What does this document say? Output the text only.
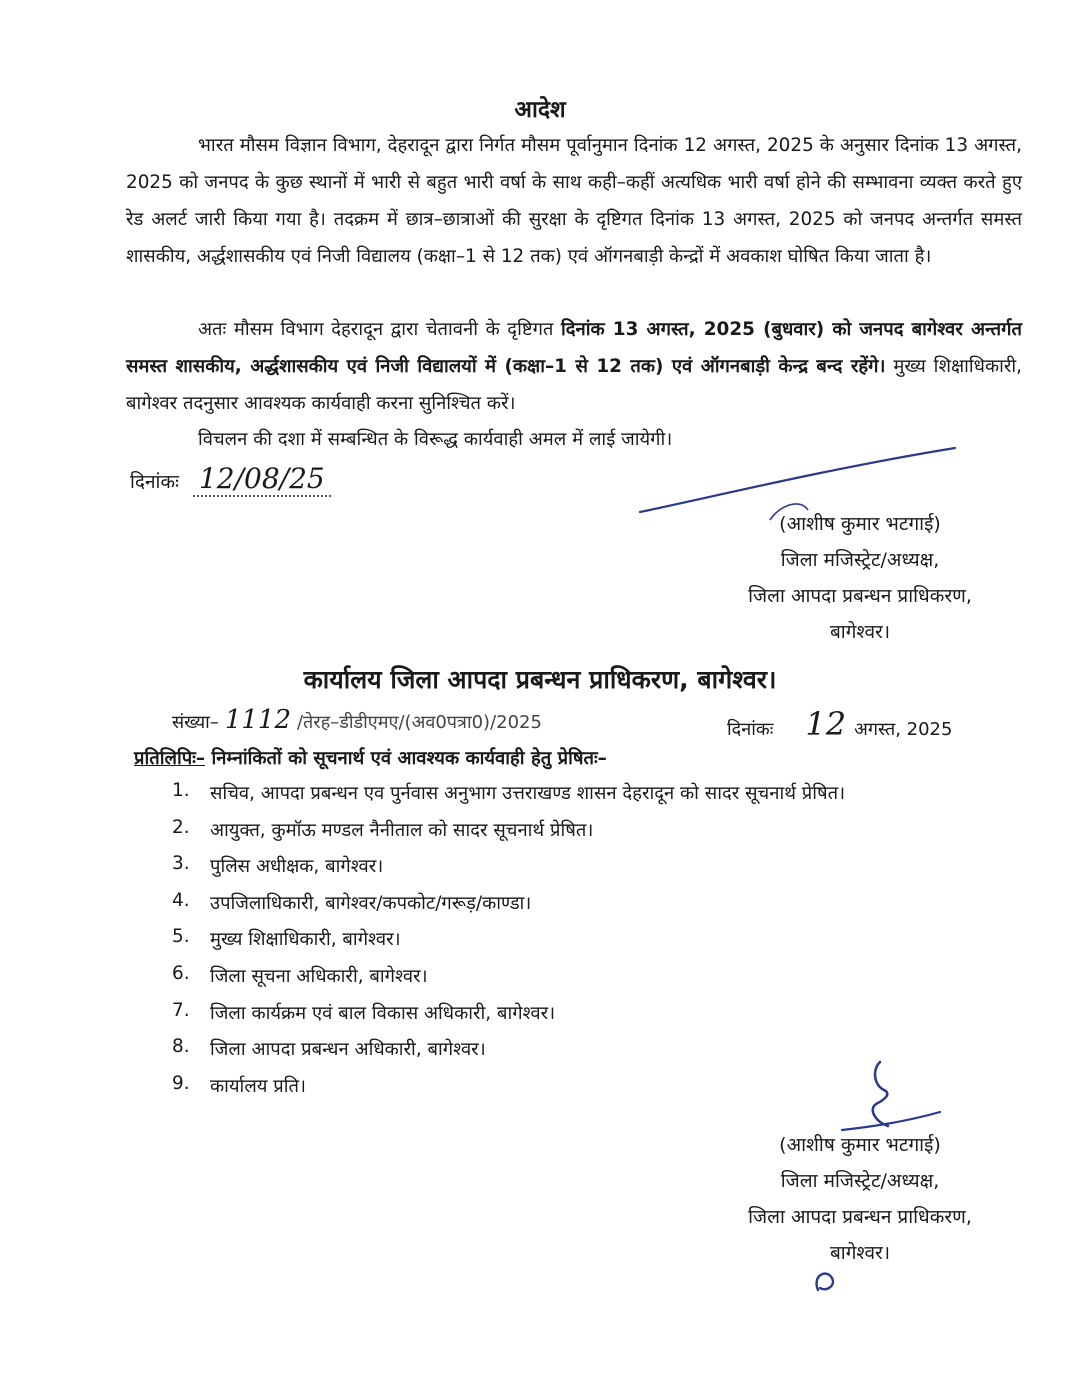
आदेश

भारत मौसम विज्ञान विभाग, देहरादून द्वारा निर्गत मौसम पूर्वानुमान दिनांक 12 अगस्त, 2025 के अनुसार दिनांक 13 अगस्त, 2025 को जनपद के कुछ स्थानों में भारी से बहुत भारी वर्षा के साथ कही–कहीं अत्यधिक भारी वर्षा होने की सम्भावना व्यक्त करते हुए रेड अलर्ट जारी किया गया है। तदक्रम में छात्र–छात्राओं की सुरक्षा के दृष्टिगत दिनांक 13 अगस्त, 2025 को जनपद अन्तर्गत समस्त शासकीय, अर्द्धशासकीय एवं निजी विद्यालय (कक्षा–1 से 12 तक) एवं ऑगनबाड़ी केन्द्रों में अवकाश घोषित किया जाता है।

अतः मौसम विभाग देहरादून द्वारा चेतावनी के दृष्टिगत दिनांक 13 अगस्त, 2025 (बुधवार) को जनपद बागेश्वर अन्तर्गत समस्त शासकीय, अर्द्धशासकीय एवं निजी विद्यालयों में (कक्षा–1 से 12 तक) एवं ऑगनबाड़ी केन्द्र बन्द रहेंगे। मुख्य शिक्षाधिकारी, बागेश्वर तदनुसार आवश्यक कार्यवाही करना सुनिश्चित करें।

विचलन की दशा में सम्बन्धित के विरूद्ध कार्यवाही अमल में लाई जायेगी।

दिनांकः 12/08/25
(आशीष कुमार भटगाई)
जिला मजिस्ट्रेट/अध्यक्ष,
जिला आपदा प्रबन्धन प्राधिकरण,
बागेश्वर।
कार्यालय जिला आपदा प्रबन्धन प्राधिकरण, बागेश्वर।
संख्या– 1112 /तेरह–डीडीएमए/(अव0पत्रा0)/2025	दिनांकः 12 अगस्त, 2025
प्रतिलिपिः– निम्नांकितों को सूचनार्थ एवं आवश्यक कार्यवाही हेतु प्रेषितः–
1.	सचिव, आपदा प्रबन्धन एव पुर्नवास अनुभाग उत्तराखण्ड शासन देहरादून को सादर सूचनार्थ प्रेषित।
2.	आयुक्त, कुमॉऊ मण्डल नैनीताल को सादर सूचनार्थ प्रेषित।
3.	पुलिस अधीक्षक, बागेश्वर।
4.	उपजिलाधिकारी, बागेश्वर/कपकोट/गरूड़/काण्डा।
5.	मुख्य शिक्षाधिकारी, बागेश्वर।
6.	जिला सूचना अधिकारी, बागेश्वर।
7.	जिला कार्यक्रम एवं बाल विकास अधिकारी, बागेश्वर।
8.	जिला आपदा प्रबन्धन अधिकारी, बागेश्वर।
9.	कार्यालय प्रति।
(आशीष कुमार भटगाई)
जिला मजिस्ट्रेट/अध्यक्ष,
जिला आपदा प्रबन्धन प्राधिकरण,
बागेश्वर।
